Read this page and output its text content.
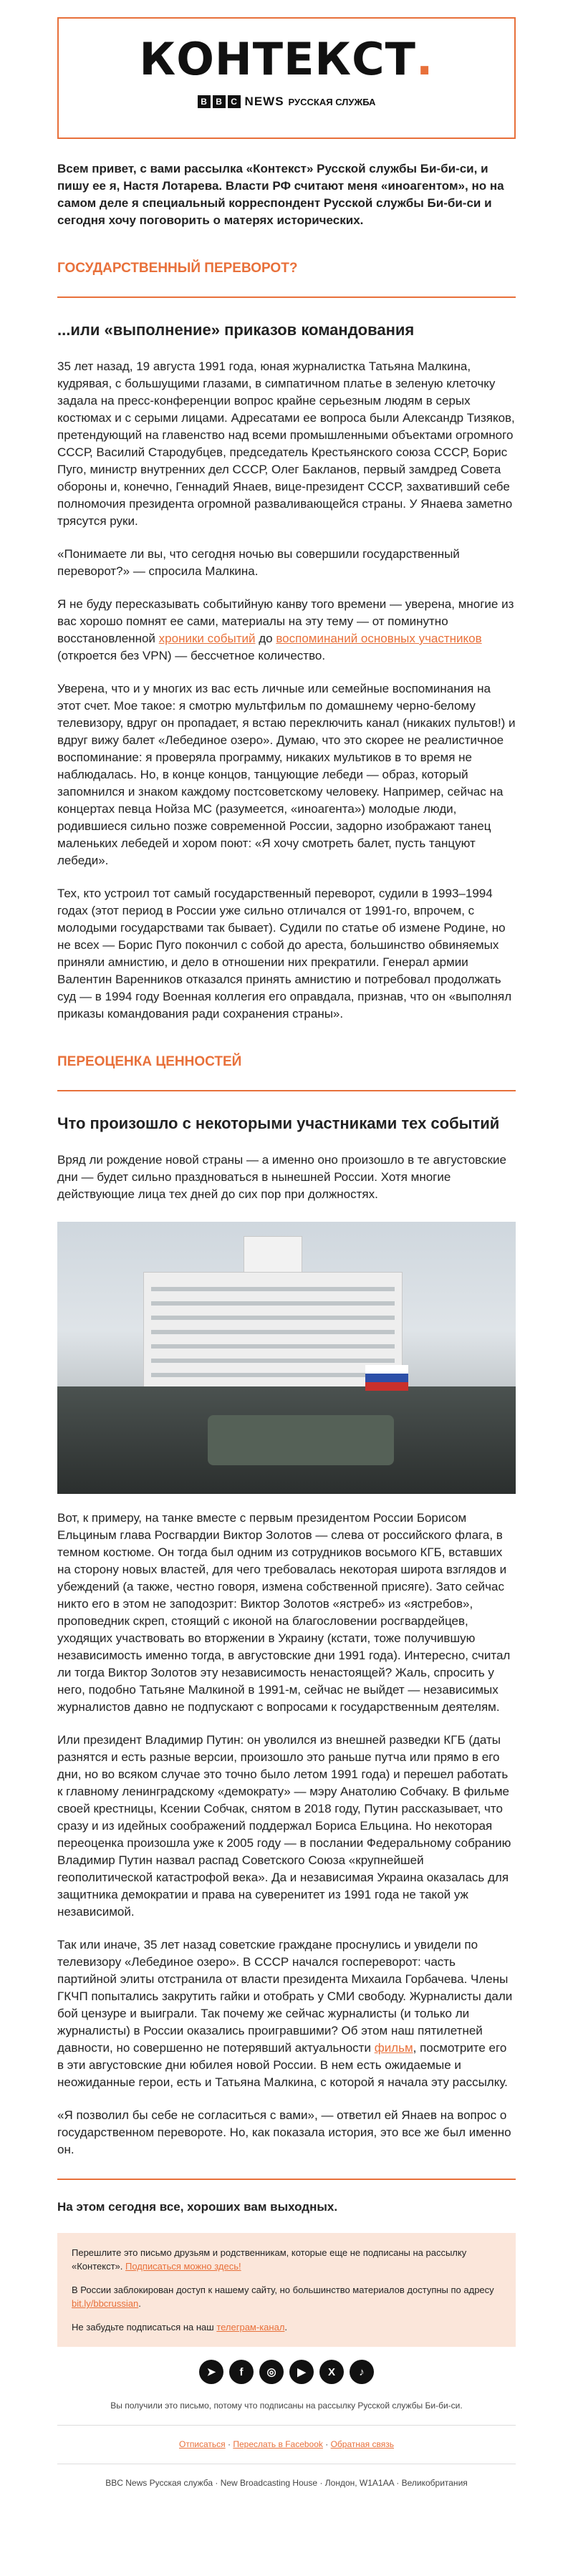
КОНТЕКСТ.
B	B	C NEWS РУССКАЯ СЛУЖБА
Всем привет, с вами рассылка «Контекст» Русской службы Би-би-си, и пишу ее я, Настя Лотарева. Власти РФ считают меня «иноагентом», но на самом деле я специальный корреспондент Русской службы Би-би-си и сегодня хочу поговорить о матерях исторических.
ГОСУДАРСТВЕННЫЙ ПЕРЕВОРОТ?
...или «выполнение» приказов командования
35 лет назад, 19 августа 1991 года, юная журналистка Татьяна Малкина, кудрявая, с большущими глазами, в симпатичном платье в зеленую клеточку задала на пресс-конференции вопрос крайне серьезным людям в серых костюмах и с серыми лицами. Адресатами ее вопроса были Александр Тизяков, претендующий на главенство над всеми промышленными объектами огромного СССР, Василий Стародубцев, председатель Крестьянского союза СССР, Борис Пуго, министр внутренних дел СССР, Олег Бакланов, первый замдред Совета обороны и, конечно, Геннадий Янаев, вице-президент СССР, захвативший себе полномочия президента огромной разваливающейся страны. У Янаева заметно трясутся руки.
«Понимаете ли вы, что сегодня ночью вы совершили государственный переворот?» — спросила Малкина.
Я не буду пересказывать событийную канву того времени — уверена, многие из вас хорошо помнят ее сами, материалы на эту тему — от поминутно восстановленной хроники событий до воспоминаний основных участников (откроется без VPN) — бессчетное количество.
Уверена, что и у многих из вас есть личные или семейные воспоминания на этот счет. Мое такое: я смотрю мультфильм по домашнему черно-белому телевизору, вдруг он пропадает, я встаю переключить канал (никаких пультов!) и вдруг вижу балет «Лебединое озеро». Думаю, что это скорее не реалистичное воспоминание: я проверяла программу, никаких мультиков в то время не наблюдалась. Но, в конце концов, танцующие лебеди — образ, который запомнился и знаком каждому постсоветскому человеку. Например, сейчас на концертах певца Нойза МС (разумеется, «иноагента») молодые люди, родившиеся сильно позже современной России, задорно изображают танец маленьких лебедей и хором поют: «Я хочу смотреть балет, пусть танцуют лебеди».
Тех, кто устроил тот самый государственный переворот, судили в 1993–1994 годах (этот период в России уже сильно отличался от 1991-го, впрочем, с молодыми государствами так бывает). Судили по статье об измене Родине, но не всех — Борис Пуго покончил с собой до ареста, большинство обвиняемых приняли амнистию, и дело в отношении них прекратили. Генерал армии Валентин Варенников отказался принять амнистию и потребовал продолжать суд — в 1994 году Военная коллегия его оправдала, признав, что он «выполнял приказы командования ради сохранения страны».
ПЕРЕОЦЕНКА ЦЕННОСТЕЙ
Что произошло с некоторыми участниками тех событий
Вряд ли рождение новой страны — а именно оно произошло в те августовские дни — будет сильно праздноваться в нынешней России. Хотя многие действующие лица тех дней до сих пор при должностях.
Вот, к примеру, на танке вместе с первым президентом России Борисом Ельциным глава Росгвардии Виктор Золотов — слева от российского флага, в темном костюме. Он тогда был одним из сотрудников восьмого КГБ, вставших на сторону новых властей, для чего требовалась некоторая широта взглядов и убеждений (а также, честно говоря, измена собственной присяге). Зато сейчас никто его в этом не заподозрит: Виктор Золотов «ястреб» из «ястребов», проповедник скреп, стоящий с иконой на благословении росгвардейцев, уходящих участвовать во вторжении в Украину (кстати, тоже получившую независимость именно тогда, в августовские дни 1991 года). Интересно, считал ли тогда Виктор Золотов эту независимость ненастоящей? Жаль, спросить у него, подобно Татьяне Малкиной в 1991-м, сейчас не выйдет — независимых журналистов давно не подпускают с вопросами к государственным деятелям.
Или президент Владимир Путин: он уволился из внешней разведки КГБ (даты разнятся и есть разные версии, произошло это раньше путча или прямо в его дни, но во всяком случае это точно было летом 1991 года) и перешел работать к главному ленинградскому «демократу» — мэру Анатолию Собчаку. В фильме своей крестницы, Ксении Собчак, снятом в 2018 году, Путин рассказывает, что сразу и из идейных соображений поддержал Бориса Ельцина. Но некоторая переоценка произошла уже к 2005 году — в послании Федеральному собранию Владимир Путин назвал распад Советского Союза «крупнейшей геополитической катастрофой века». Да и независимая Украина оказалась для защитника демократии и права на суверенитет из 1991 года не такой уж независимой.
Так или иначе, 35 лет назад советские граждане проснулись и увидели по телевизору «Лебединое озеро». В СССР начался госпереворот: часть партийной элиты отстранила от власти президента Михаила Горбачева. Члены ГКЧП попытались закрутить гайки и отобрать у СМИ свободу. Журналисты дали бой цензуре и выиграли. Так почему же сейчас журналисты (и только ли журналисты) в России оказались проигравшими? Об этом наш пятилетней давности, но совершенно не потерявший актуальности фильм, посмотрите его в эти августовские дни юбилея новой России. В нем есть ожидаемые и неожиданные герои, есть и Татьяна Малкина, с которой я начала эту рассылку.
«Я позволил бы себе не согласиться с вами», — ответил ей Янаев на вопрос о государственном перевороте. Но, как показала история, это все же был именно он.
На этом сегодня все, хороших вам выходных.

Перешлите это письмо друзьям и родственникам, которые еще не подписаны на рассылку «Контекст». Подписаться можно здесь!

В России заблокирован доступ к нашему сайту, но большинство материалов доступны по адресу bit.ly/bbcrussian.

Не забудьте подписаться на наш телеграм-канал.

➤	f	◎	▶	X	♪
Вы получили это письмо, потому что подписаны на рассылку Русской службы Би-би-си.
Отписаться · Переслать в Facebook · Обратная связь
BBC News Русская служба · New Broadcasting House · Лондон, W1A1AA · Великобритания
